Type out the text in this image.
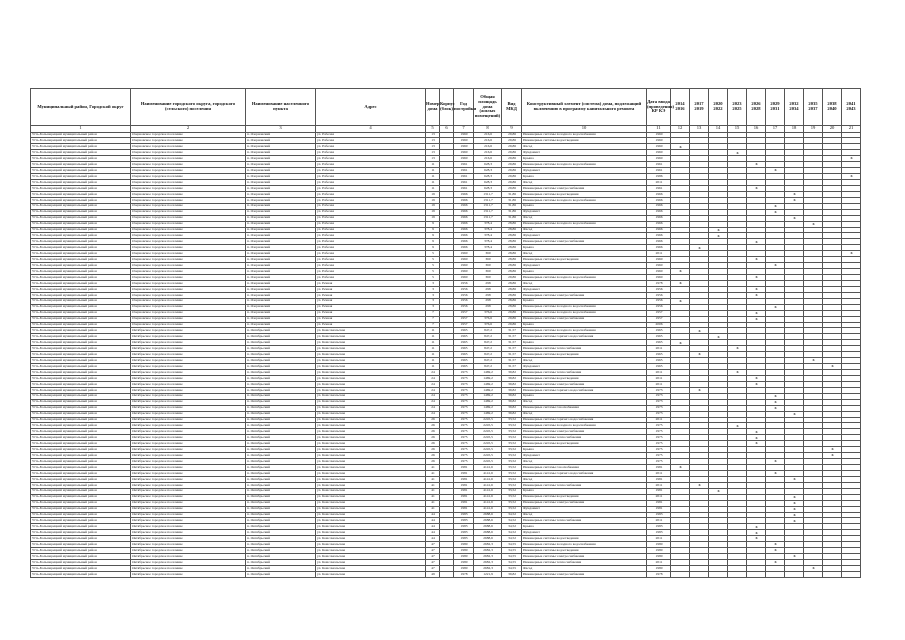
Муниципальный район, Городской округ	Наименование городского округа, городского (сельского) поселения	Наименование населенного пункта	Адрес	Номер дома	Корпус (блок)	Год постройки	Общая площадь дома (жилых помещений)	Вид МКД	Конструктивный элемент (система) дома, подлежащий включению в программу капитального ремонта	Дата ввода (проведения) КР КЭ	2014 2016	2017 2019	2020 2022	2023 2025	2026 2028	2029 2031	2032 2034	2035 2037	2038 2040	2041 2043
1	2	3	4	5	6	7	8	9	10	11	12	13	14	15	16	17	18	19	20	21
Усть-Большерецкий муниципальный район	Озерновское городское поселение	п. Озерновский	ул. Рабочая	13		1960	216,6	29,86	Инженерные системы холодного водоснабжения	1960										
Усть-Большерецкий муниципальный район	Озерновское городское поселение	п. Озерновский	ул. Рабочая	13		1960	216,6	29,86	Инженерные системы водоотведения	1960										
Усть-Большерецкий муниципальный район	Озерновское городское поселение	п. Озерновский	ул. Рабочая	13		1960	216,6	29,86	Фасад	1960	X									
Усть-Большерецкий муниципальный район	Озерновское городское поселение	п. Озерновский	ул. Рабочая	13		1960	216,6	29,86	Фундамент	1960				X						
Усть-Большерецкий муниципальный район	Озерновское городское поселение	п. Озерновский	ул. Рабочая	13		1960	216,6	29,86	Крыша	1960										X
Усть-Большерецкий муниципальный район	Озерновское городское поселение	п. Озерновский	ул. Рабочая	11		1961	628,3	29,86	Инженерные системы холодного водоснабжения	1961					X					
Усть-Большерецкий муниципальный район	Озерновское городское поселение	п. Озерновский	ул. Рабочая	11		1961	628,3	29,86	Фундамент	1961						X				
Усть-Большерецкий муниципальный район	Озерновское городское поселение	п. Озерновский	ул. Рабочая	11		1961	628,3	29,86	Крыша	1986										X
Усть-Большерецкий муниципальный район	Озерновское городское поселение	п. Озерновский	ул. Рабочая	11		1961	628,3	29,86	Фасад	2011										
Усть-Большерецкий муниципальный район	Озерновское городское поселение	п. Озерновский	ул. Рабочая	11		1961	628,3	29,86	Инженерные системы электроснабжения	1961					X					
Усть-Большерецкий муниципальный район	Озерновское городское поселение	п. Озерновский	ул. Рабочая	19		1966	1311,7	31,86	Инженерные системы водоотведения	1966							X			
Усть-Большерецкий муниципальный район	Озерновское городское поселение	п. Озерновский	ул. Рабочая	19		1966	1311,7	31,86	Инженерные системы холодного водоснабжения	1966							X			
Усть-Большерецкий муниципальный район	Озерновское городское поселение	п. Озерновский	ул. Рабочая	19		1966	1311,7	31,86	Крыша	1966						X				
Усть-Большерецкий муниципальный район	Озерновское городское поселение	п. Озерновский	ул. Рабочая	19		1966	1311,7	31,86	Фундамент	1966						X				
Усть-Большерецкий муниципальный район	Озерновское городское поселение	п. Озерновский	ул. Рабочая	19		1966	1311,7	31,86	Фасад	1966							X			
Усть-Большерецкий муниципальный район	Озерновское городское поселение	п. Озерновский	ул. Рабочая	9		1966	378,4	28,86	Инженерные системы холодного водоснабжения	1966								X		
Усть-Большерецкий муниципальный район	Озерновское городское поселение	п. Озерновский	ул. Рабочая	9		1966	378,4	28,86	Фасад	1966			X							
Усть-Большерецкий муниципальный район	Озерновское городское поселение	п. Озерновский	ул. Рабочая	9		1966	378,4	28,86	Фундамент	1966			X							
Усть-Большерецкий муниципальный район	Озерновское городское поселение	п. Озерновский	ул. Рабочая	9		1966	378,4	28,86	Инженерные системы электроснабжения	1966					X					
Усть-Большерецкий муниципальный район	Озерновское городское поселение	п. Озерновский	ул. Рабочая	9		1966	378,4	28,86	Крыша	1966		X								
Усть-Большерецкий муниципальный район	Озерновское городское поселение	п. Озерновский	ул. Рабочая	5		1960	360	28,86	Фасад	2011										X
Усть-Большерецкий муниципальный район	Озерновское городское поселение	п. Озерновский	ул. Рабочая	5		1960	360	28,86	Инженерные системы водоотведения	1960					X					
Усть-Большерецкий муниципальный район	Озерновское городское поселение	п. Озерновский	ул. Рабочая	5		1960	360	28,86	Фундамент	1960						X				
Усть-Большерецкий муниципальный район	Озерновское городское поселение	п. Озерновский	ул. Рабочая	5		1960	360	28,86	Крыша	1960	X									
Усть-Большерецкий муниципальный район	Озерновское городское поселение	п. Озерновский	ул. Рабочая	5		1960	360	29,86	Инженерные системы холодного водоснабжения	1960					X					
Усть-Большерецкий муниципальный район	Озерновское городское поселение	п. Озерновский	ул. Речная	3		1956	298	28,86	Фасад	1978	X									
Усть-Большерецкий муниципальный район	Озерновское городское поселение	п. Озерновский	ул. Речная	3		1956	298	28,86	Фундамент	1956					X					
Усть-Большерецкий муниципальный район	Озерновское городское поселение	п. Озерновский	ул. Речная	3		1956	298	28,86	Инженерные системы электроснабжения	1956					X					
Усть-Большерецкий муниципальный район	Озерновское городское поселение	п. Озерновский	ул. Речная	3		1956	298	28,86	Крыша	1956	X									
Усть-Большерецкий муниципальный район	Озерновское городское поселение	п. Озерновский	ул. Речная	3		1956	298	28,86	Инженерные системы холодного водоснабжения	1956						X				
Усть-Большерецкий муниципальный район	Озерновское городское поселение	п. Озерновский	ул. Речная	7		1957	376,6	29,86	Инженерные системы холодного водоснабжения	1957					X					
Усть-Большерецкий муниципальный район	Озерновское городское поселение	п. Озерновский	ул. Речная	7		1957	376,6	29,86	Инженерные системы электроснабжения	1957					X					
Усть-Большерецкий муниципальный район	Озерновское городское поселение	п. Озерновский	ул. Речная	7		1957	376,6	29,86	Крыша	2006										
Усть-Большерецкий муниципальный район	Октябрьское городское поселение	п. Октябрьский	ул. Комсомольская	11		1965	847,2	31,57	Инженерные системы холодного водоснабжения	1965		X								
Усть-Большерецкий муниципальный район	Октябрьское городское поселение	п. Октябрьский	ул. Комсомольская	11		1965	847,2	31,57	Инженерные системы горячего водоснабжения	1965			X							
Усть-Большерецкий муниципальный район	Октябрьское городское поселение	п. Октябрьский	ул. Комсомольская	11		1965	847,2	31,57	Крыша	1965	X									
Усть-Большерецкий муниципальный район	Октябрьское городское поселение	п. Октябрьский	ул. Комсомольская	11		1965	847,2	31,57	Инженерные системы теплоснабжения	2011				X						
Усть-Большерецкий муниципальный район	Октябрьское городское поселение	п. Октябрьский	ул. Комсомольская	11		1965	847,2	31,57	Инженерные системы водоотведения	1965		X								
Усть-Большерецкий муниципальный район	Октябрьское городское поселение	п. Октябрьский	ул. Комсомольская	11		1965	847,2	31,57	Фасад	1965								X		
Усть-Большерецкий муниципальный район	Октябрьское городское поселение	п. Октябрьский	ул. Комсомольская	11		1965	847,2	31,57	Фундамент	1965									X	
Усть-Большерецкий муниципальный район	Октябрьское городское поселение	п. Октябрьский	ул. Комсомольская	24		1973	1469,2	39,82	Инженерные системы теплоснабжения	2011				X						
Усть-Большерецкий муниципальный район	Октябрьское городское поселение	п. Октябрьский	ул. Комсомольская	24		1973	1469,2	39,82	Инженерные системы водоотведения	2011					X					
Усть-Большерецкий муниципальный район	Октябрьское городское поселение	п. Октябрьский	ул. Комсомольская	24		1973	1469,2	39,82	Инженерные системы электроснабжения	2011					X					
Усть-Большерецкий муниципальный район	Октябрьское городское поселение	п. Октябрьский	ул. Комсомольская	24		1973	1469,2	39,82	Инженерные системы горячего водоснабжения	1973		X								
Усть-Большерецкий муниципальный район	Октябрьское городское поселение	п. Октябрьский	ул. Комсомольская	24		1973	1469,2	39,82	Крыша	1973						X				
Усть-Большерецкий муниципальный район	Октябрьское городское поселение	п. Октябрьский	ул. Комсомольская	24		1973	1469,2	39,82	Фасад	1973						X				
Усть-Большерецкий муниципальный район	Октябрьское городское поселение	п. Октябрьский	ул. Комсомольская	24		1973	1469,2	39,82	Инженерные системы газоснабжения	1973						X				
Усть-Большерецкий муниципальный район	Октябрьское городское поселение	п. Октябрьский	ул. Комсомольская	24		1973	1469,2	39,82	Фасад	1973							X			
Усть-Большерецкий муниципальный район	Октябрьское городское поселение	п. Октябрьский	ул. Комсомольская	26		1975	2245,5	33,52	Инженерные системы горячего водоснабжения	2011										
Усть-Большерецкий муниципальный район	Октябрьское городское поселение	п. Октябрьский	ул. Комсомольская	26		1975	2245,5	33,52	Инженерные системы холодного водоснабжения	1975				X						
Усть-Большерецкий муниципальный район	Октябрьское городское поселение	п. Октябрьский	ул. Комсомольская	26		1975	2245,5	33,52	Инженерные системы электроснабжения	1975					X					
Усть-Большерецкий муниципальный район	Октябрьское городское поселение	п. Октябрьский	ул. Комсомольская	26		1975	2245,5	33,52	Инженерные системы теплоснабжения	1975					X					
Усть-Большерецкий муниципальный район	Октябрьское городское поселение	п. Октябрьский	ул. Комсомольская	26		1975	2245,5	33,52	Инженерные системы водоотведения	1975					X					
Усть-Большерецкий муниципальный район	Октябрьское городское поселение	п. Октябрьский	ул. Комсомольская	26		1975	2245,5	33,52	Крыша	1975									X	
Усть-Большерецкий муниципальный район	Октябрьское городское поселение	п. Октябрьский	ул. Комсомольская	26		1975	2245,5	33,52	Фундамент	1975									X	
Усть-Большерецкий муниципальный район	Октябрьское городское поселение	п. Октябрьский	ул. Комсомольская	26		1975	2245,5	33,52	Фасад	1975						X				
Усть-Большерецкий муниципальный район	Октябрьское городское поселение	п. Октябрьский	ул. Комсомольская	41		1981	4141,6	33,52	Инженерные системы газоснабжения	1981	X									
Усть-Большерецкий муниципальный район	Октябрьское городское поселение	п. Октябрьский	ул. Комсомольская	41		1981	4141,6	33,52	Инженерные системы горячего водоснабжения	2011						X				
Усть-Большерецкий муниципальный район	Октябрьское городское поселение	п. Октябрьский	ул. Комсомольская	41		1981	4141,6	33,52	Фасад	1981							X			
Усть-Большерецкий муниципальный район	Октябрьское городское поселение	п. Октябрьский	ул. Комсомольская	41		1981	4141,6	33,52	Инженерные системы теплоснабжения	2011		X								
Усть-Большерецкий муниципальный район	Октябрьское городское поселение	п. Октябрьский	ул. Комсомольская	41		1981	4141,6	33,52	Крыша	1981			X							
Усть-Большерецкий муниципальный район	Октябрьское городское поселение	п. Октябрьский	ул. Комсомольская	41		1981	4141,6	33,52	Инженерные системы водоотведения	2011							X			
Усть-Большерецкий муниципальный район	Октябрьское городское поселение	п. Октябрьский	ул. Комсомольская	41		1981	4141,6	33,52	Инженерные системы электроснабжения	1981							X			
Усть-Большерецкий муниципальный район	Октябрьское городское поселение	п. Октябрьский	ул. Комсомольская	41		1981	4141,6	33,52	Фундамент	1981							X			
Усть-Большерецкий муниципальный район	Октябрьское городское поселение	п. Октябрьский	ул. Комсомольская	44		1983	2688,6	34,52	Фасад	1983							X			
Усть-Большерецкий муниципальный район	Октябрьское городское поселение	п. Октябрьский	ул. Комсомольская	44		1983	2688,6	34,52	Инженерные системы теплоснабжения	2011							X			
Усть-Большерецкий муниципальный район	Октябрьское городское поселение	п. Октябрьский	ул. Комсомольская	44		1983	2688,6	34,52	Крыша	1983					X					
Усть-Большерецкий муниципальный район	Октябрьское городское поселение	п. Октябрьский	ул. Комсомольская	44		1983	2688,6	34,52	Фундамент	1983					X					
Усть-Большерецкий муниципальный район	Октябрьское городское поселение	п. Октябрьский	ул. Комсомольская	44		1983	2688,6	34,52	Инженерные системы водоотведения	2011					X					
Усть-Большерецкий муниципальный район	Октябрьское городское поселение	п. Октябрьский	ул. Комсомольская	47		1980	2682,3	34,55	Инженерные системы холодного водоснабжения	1980						X				
Усть-Большерецкий муниципальный район	Октябрьское городское поселение	п. Октябрьский	ул. Комсомольская	47		1980	2682,3	34,55	Инженерные системы водоотведения	1980						X				
Усть-Большерецкий муниципальный район	Октябрьское городское поселение	п. Октябрьский	ул. Комсомольская	47		1980	2682,3	34,55	Инженерные системы электроснабжения	1980							X			
Усть-Большерецкий муниципальный район	Октябрьское городское поселение	п. Октябрьский	ул. Комсомольская	47		1980	2682,3	34,55	Инженерные системы теплоснабжения	2011						X				
Усть-Большерецкий муниципальный район	Октябрьское городское поселение	п. Октябрьский	ул. Комсомольская	47		1980	2682,3	34,55	Фасад	1980								X		
Усть-Большерецкий муниципальный район	Октябрьское городское поселение	п. Октябрьский	ул. Комсомольская	49		1978	1221,9	39,82	Инженерные системы электроснабжения	1978										
